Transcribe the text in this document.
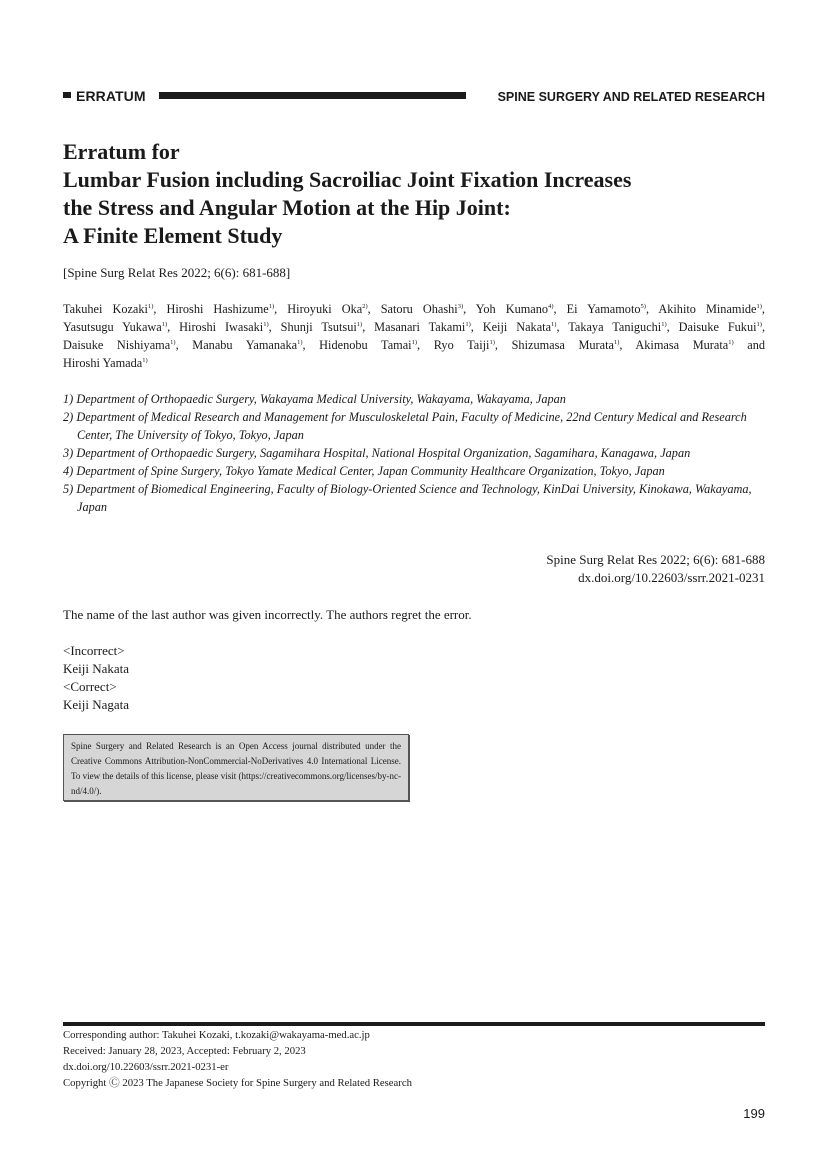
ERRATUM	SPINE SURGERY AND RELATED RESEARCH
Erratum for
Lumbar Fusion including Sacroiliac Joint Fixation Increases
the Stress and Angular Motion at the Hip Joint:
A Finite Element Study
[Spine Surg Relat Res 2022; 6(6): 681-688]
Takuhei Kozaki$^{1)}$, Hiroshi Hashizume$^{1)}$, Hiroyuki Oka$^{2)}$, Satoru Ohashi$^{3)}$, Yoh Kumano$^{4)}$, Ei Yamamoto$^{5)}$, Akihito Minamide$^{1)}$,
Yasutsugu Yukawa$^{1)}$, Hiroshi Iwasaki$^{1)}$, Shunji Tsutsui$^{1)}$, Masanari Takami$^{1)}$, Keiji Nakata$^{1)}$, Takaya Taniguchi$^{1)}$, Daisuke Fukui$^{1)}$,
Daisuke Nishiyama$^{1)}$, Manabu Yamanaka$^{1)}$, Hidenobu Tamai$^{1)}$, Ryo Taiji$^{1)}$, Shizumasa Murata$^{1)}$, Akimasa Murata$^{1)}$ and
Hiroshi Yamada$^{1)}$
1) Department of Orthopaedic Surgery, Wakayama Medical University, Wakayama, Wakayama, Japan
2) Department of Medical Research and Management for Musculoskeletal Pain, Faculty of Medicine, 22nd Century Medical and Research Center, The University of Tokyo, Tokyo, Japan
3) Department of Orthopaedic Surgery, Sagamihara Hospital, National Hospital Organization, Sagamihara, Kanagawa, Japan
4) Department of Spine Surgery, Tokyo Yamate Medical Center, Japan Community Healthcare Organization, Tokyo, Japan
5) Department of Biomedical Engineering, Faculty of Biology-Oriented Science and Technology, KinDai University, Kinokawa, Wakayama, Japan
Spine Surg Relat Res 2022; 6(6): 681-688
dx.doi.org/10.22603/ssrr.2021-0231
The name of the last author was given incorrectly. The authors regret the error.
<Incorrect>
Keiji Nakata
<Correct>
Keiji Nagata
Spine Surgery and Related Research is an Open Access journal distributed under the Creative Commons Attribution-NonCommercial-NoDerivatives 4.0 International License. To view the details of this license, please visit (https://creativecommons.org/licenses/by-nc-nd/4.0/).
Corresponding author: Takuhei Kozaki, t.kozaki@wakayama-med.ac.jp
Received: January 28, 2023, Accepted: February 2, 2023
dx.doi.org/10.22603/ssrr.2021-0231-er
Copyright Ⓒ 2023 The Japanese Society for Spine Surgery and Related Research
199
